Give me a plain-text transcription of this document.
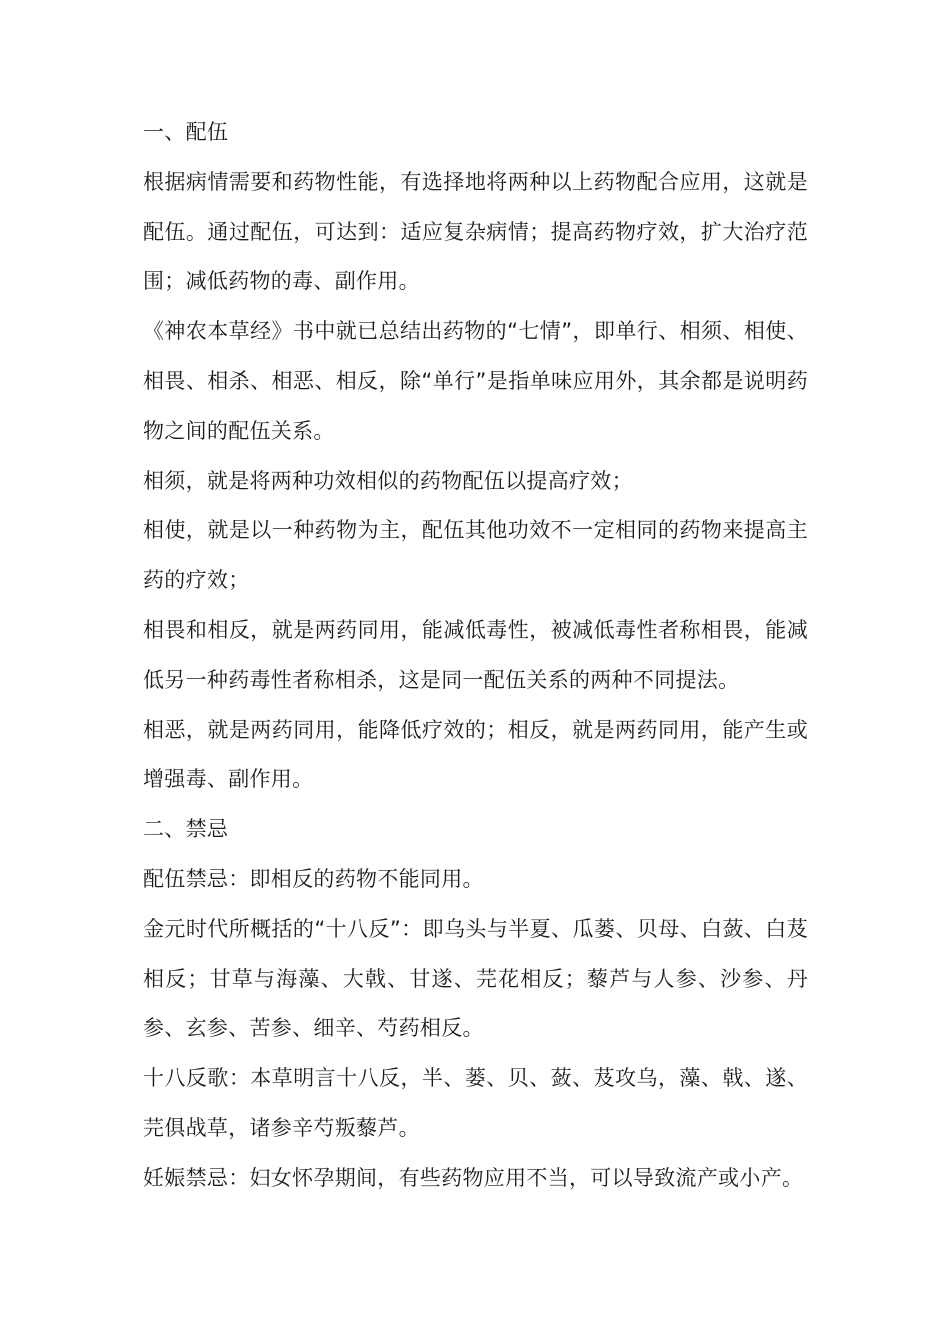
一、配伍

根据病情需要和药物性能，有选择地将两种以上药物配合应用，这就是配伍。通过配伍，可达到：适应复杂病情；提高药物疗效，扩大治疗范围；减低药物的毒、副作用。

《神农本草经》书中就已总结出药物的“七情”，即单行、相须、相使、相畏、相杀、相恶、相反，除“单行”是指单味应用外，其余都是说明药物之间的配伍关系。

相须，就是将两种功效相似的药物配伍以提高疗效；

相使，就是以一种药物为主，配伍其他功效不一定相同的药物来提高主药的疗效；

相畏和相反，就是两药同用，能减低毒性，被减低毒性者称相畏，能减低另一种药毒性者称相杀，这是同一配伍关系的两种不同提法。

相恶，就是两药同用，能降低疗效的；相反，就是两药同用，能产生或增强毒、副作用。

二、禁忌

配伍禁忌：即相反的药物不能同用。

金元时代所概括的“十八反”：即乌头与半夏、瓜蒌、贝母、白蔹、白芨相反；甘草与海藻、大戟、甘遂、芫花相反；藜芦与人参、沙参、丹参、玄参、苦参、细辛、芍药相反。

十八反歌：本草明言十八反，半、蒌、贝、蔹、芨攻乌，藻、戟、遂、芫俱战草，诸参辛芍叛藜芦。

妊娠禁忌：妇女怀孕期间，有些药物应用不当，可以导致流产或小产。
